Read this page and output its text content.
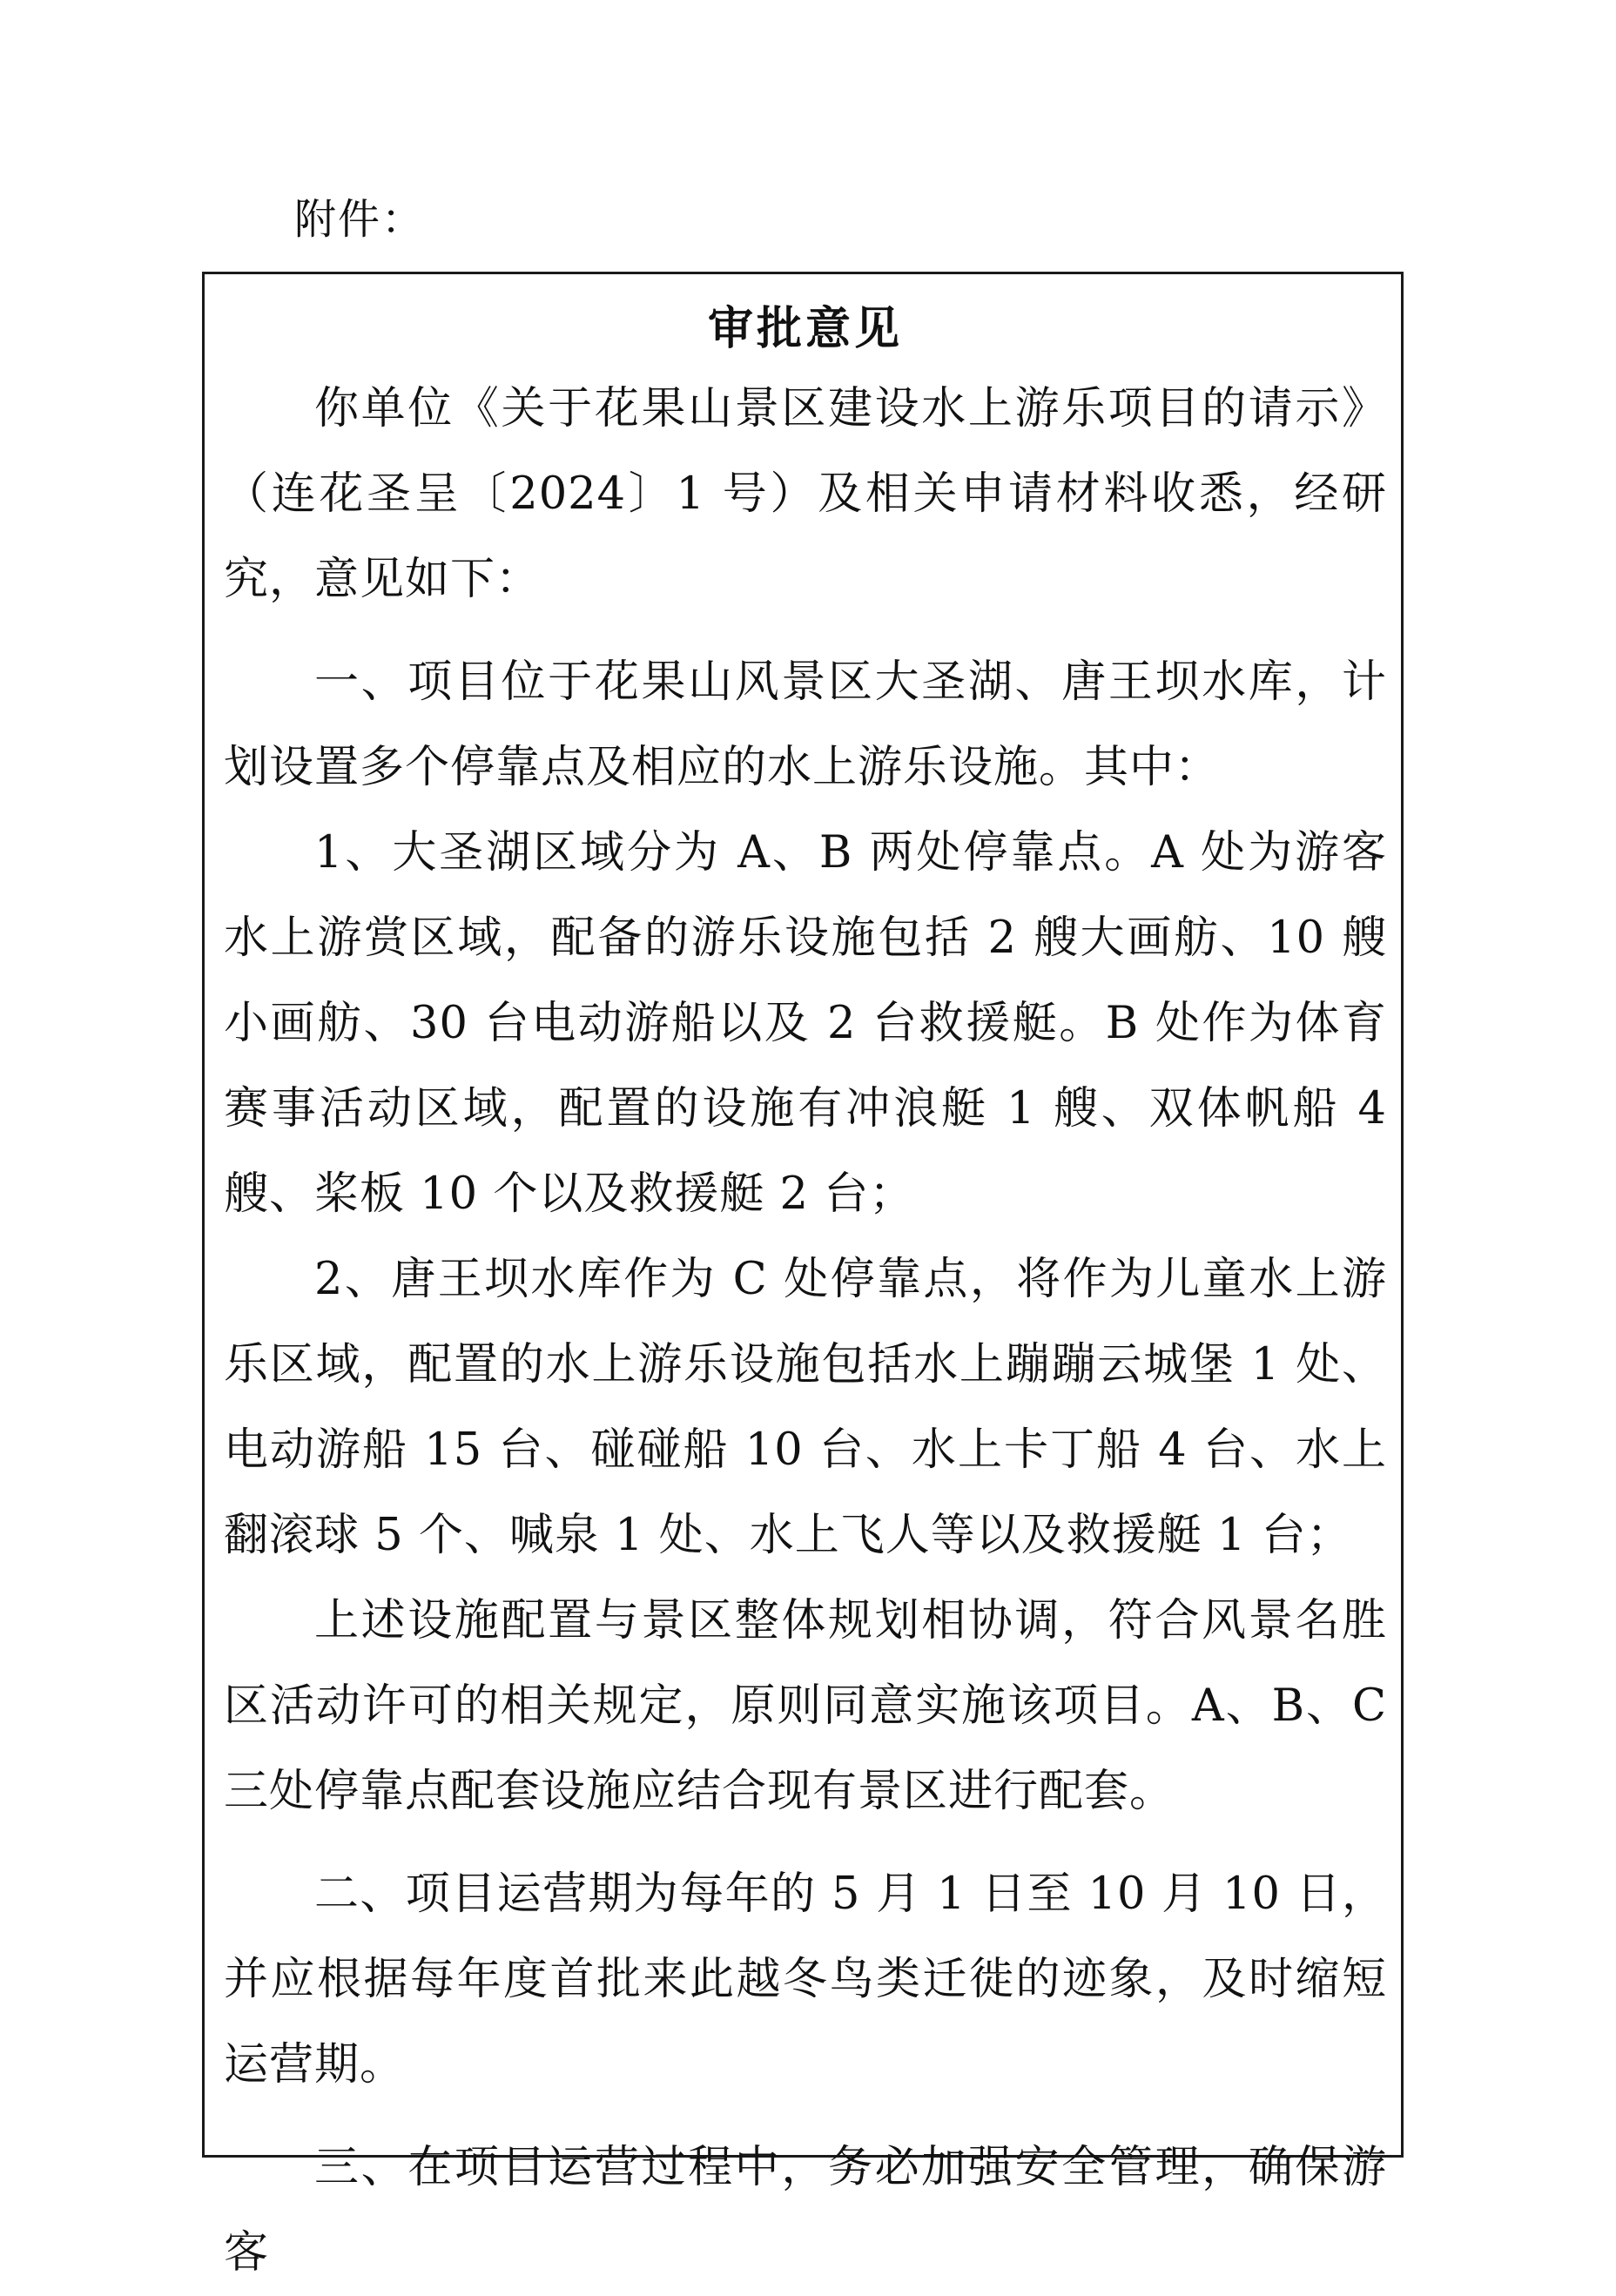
附件：
审批意见

你单位《关于花果山景区建设水上游乐项目的请示》（连花圣呈〔2024〕1 号）及相关申请材料收悉，经研究，意见如下：

一、项目位于花果山风景区大圣湖、唐王坝水库，计划设置多个停靠点及相应的水上游乐设施。其中：

1、大圣湖区域分为 A、B 两处停靠点。A 处为游客水上游赏区域，配备的游乐设施包括 2 艘大画舫、10 艘小画舫、30 台电动游船以及 2 台救援艇。B 处作为体育赛事活动区域，配置的设施有冲浪艇 1 艘、双体帆船 4 艘、桨板 10 个以及救援艇 2 台；

2、唐王坝水库作为 C 处停靠点，将作为儿童水上游乐区域，配置的水上游乐设施包括水上蹦蹦云城堡 1 处、电动游船 15 台、碰碰船 10 台、水上卡丁船 4 台、水上翻滚球 5 个、喊泉 1 处、水上飞人等以及救援艇 1 台；

上述设施配置与景区整体规划相协调，符合风景名胜区活动许可的相关规定，原则同意实施该项目。A、B、C 三处停靠点配套设施应结合现有景区进行配套。

二、项目运营期为每年的 5 月 1 日至 10 月 10 日，并应根据每年度首批来此越冬鸟类迁徙的迹象，及时缩短运营期。

三、在项目运营过程中，务必加强安全管理，确保游客
